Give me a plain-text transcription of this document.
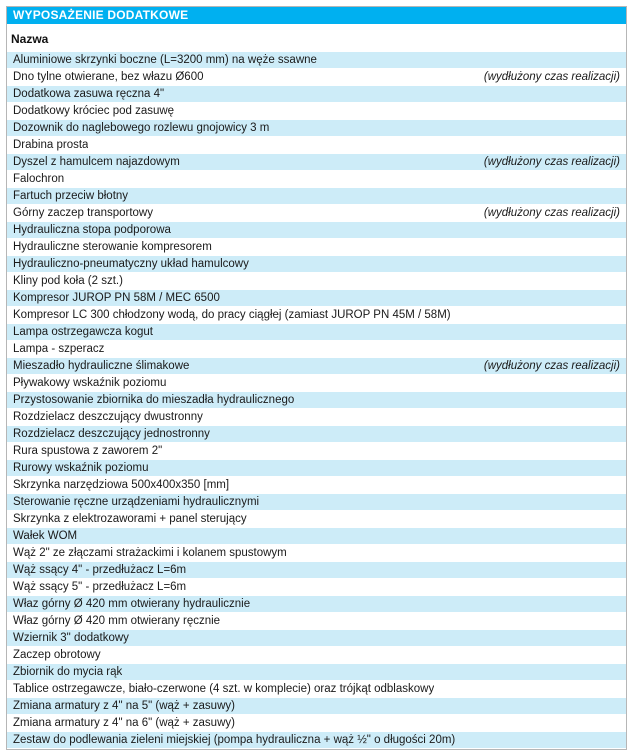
WYPOSAŻENIE DODATKOWE
Nazwa
Aluminiowe skrzynki boczne (L=3200 mm) na węże ssawne
Dno tylne otwierane, bez włazu Ø600	(wydłużony czas realizacji)
Dodatkowa zasuwa ręczna 4"
Dodatkowy króciec pod zasuwę
Dozownik do naglebowego rozlewu gnojowicy 3 m
Drabina prosta
Dyszel z hamulcem najazdowym	(wydłużony czas realizacji)
Falochron
Fartuch przeciw błotny
Górny zaczep transportowy	(wydłużony czas realizacji)
Hydrauliczna stopa podporowa
Hydrauliczne sterowanie kompresorem
Hydrauliczno-pneumatyczny układ hamulcowy
Kliny pod koła (2 szt.)
Kompresor JUROP PN 58M / MEC 6500
Kompresor LC 300 chłodzony wodą, do pracy ciągłej (zamiast JUROP PN 45M / 58M)
Lampa ostrzegawcza kogut
Lampa - szperacz
Mieszadło hydrauliczne ślimakowe	(wydłużony czas realizacji)
Pływakowy wskaźnik poziomu
Przystosowanie zbiornika do mieszadła hydraulicznego
Rozdzielacz deszczujący dwustronny
Rozdzielacz deszczujący jednostronny
Rura spustowa z zaworem 2"
Rurowy wskaźnik poziomu
Skrzynka narzędziowa 500x400x350 [mm]
Sterowanie ręczne urządzeniami hydraulicznymi
Skrzynka z elektrozaworami + panel sterujący
Wałek WOM
Wąż 2" ze złączami strażackimi i kolanem spustowym
Wąż ssący 4" - przedłużacz L=6m
Wąż ssący 5" - przedłużacz L=6m
Właz górny Ø 420 mm otwierany hydraulicznie
Właz górny Ø 420 mm otwierany ręcznie
Wziernik 3" dodatkowy
Zaczep obrotowy
Zbiornik do mycia rąk
Tablice ostrzegawcze, biało-czerwone (4 szt. w komplecie) oraz trójkąt odblaskowy
Zmiana armatury z 4" na 5" (wąż + zasuwy)
Zmiana armatury z 4" na 6" (wąż + zasuwy)
Zestaw do podlewania zieleni miejskiej (pompa hydrauliczna + wąż ½" o długości 20m)
